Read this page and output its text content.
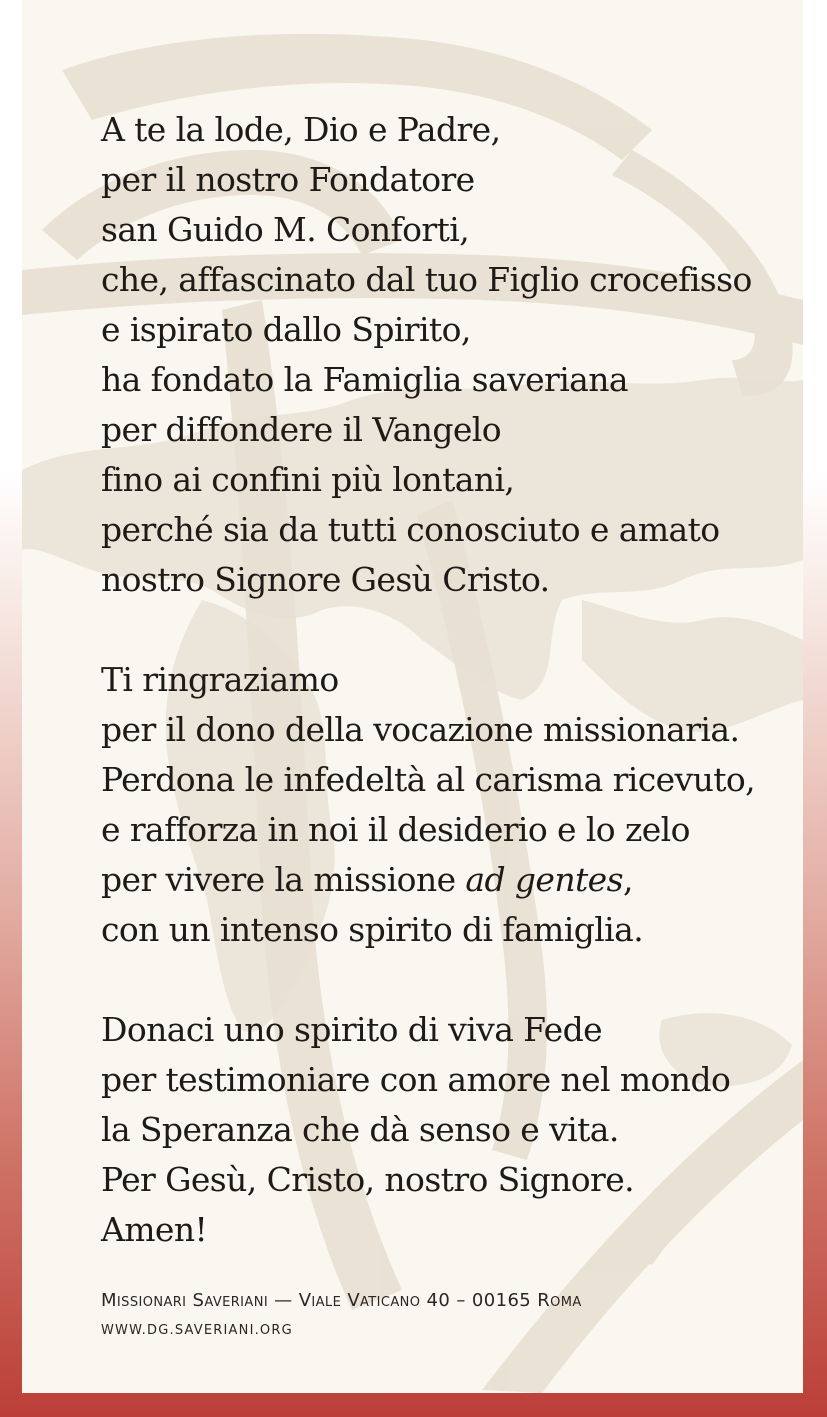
A te la lode, Dio e Padre,
per il nostro Fondatore
san Guido M. Conforti,
che, affascinato dal tuo Figlio crocefisso
e ispirato dallo Spirito,
ha fondato la Famiglia saveriana
per diffondere il Vangelo
fino ai confini più lontani,
perché sia da tutti conosciuto e amato
nostro Signore Gesù Cristo.
Ti ringraziamo
per il dono della vocazione missionaria.
Perdona le infedeltà al carisma ricevuto,
e rafforza in noi il desiderio e lo zelo
per vivere la missione ad gentes,
con un intenso spirito di famiglia.
Donaci uno spirito di viva Fede
per testimoniare con amore nel mondo
la Speranza che dà senso e vita.
Per Gesù, Cristo, nostro Signore.
Amen!
Missionari Saveriani — Viale Vaticano 40 – 00165 Roma
WWW.DG.SAVERIANI.ORG
